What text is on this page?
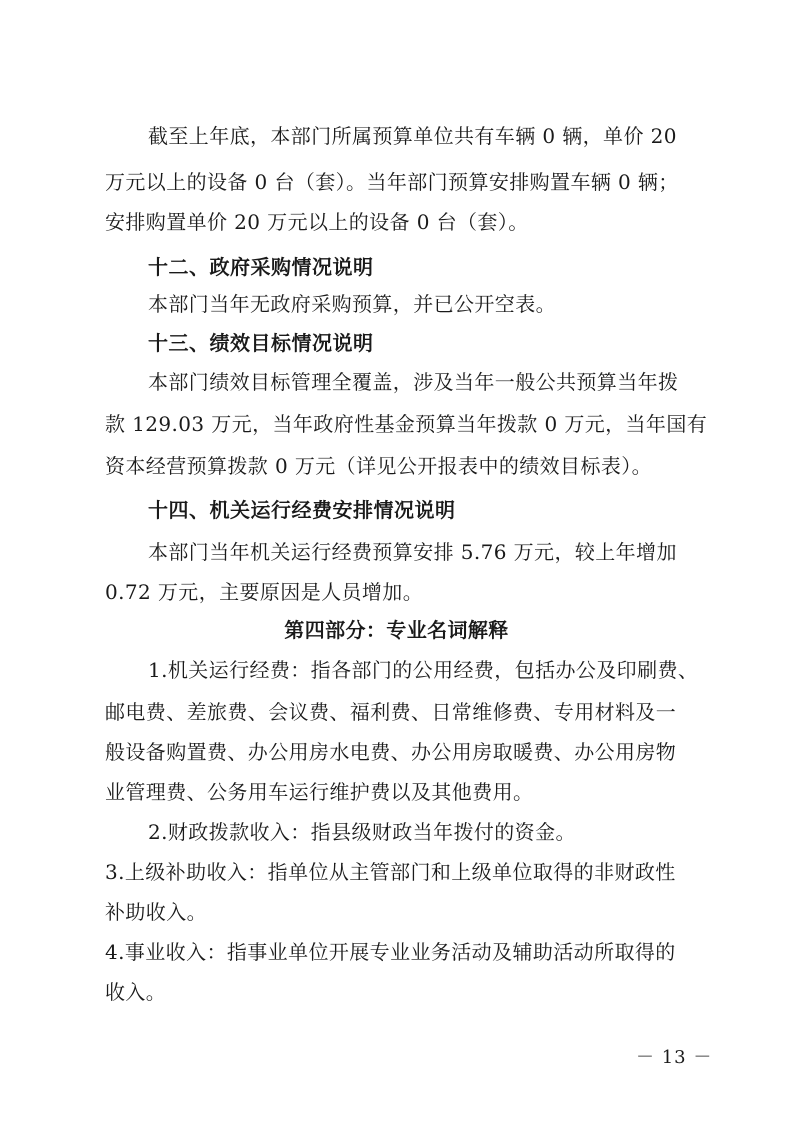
截至上年底，本部门所属预算单位共有车辆 0 辆，单价 20
万元以上的设备 0 台（套）。当年部门预算安排购置车辆 0 辆；
安排购置单价 20 万元以上的设备 0 台（套）。
十二、政府采购情况说明
本部门当年无政府采购预算，并已公开空表。
十三、绩效目标情况说明
本部门绩效目标管理全覆盖，涉及当年一般公共预算当年拨
款 129.03 万元，当年政府性基金预算当年拨款 0 万元，当年国有
资本经营预算拨款 0 万元（详见公开报表中的绩效目标表）。
十四、机关运行经费安排情况说明
本部门当年机关运行经费预算安排 5.76 万元，较上年增加
0.72 万元，主要原因是人员增加。
第四部分：专业名词解释
1.机关运行经费：指各部门的公用经费，包括办公及印刷费、
邮电费、差旅费、会议费、福利费、日常维修费、专用材料及一
般设备购置费、办公用房水电费、办公用房取暖费、办公用房物
业管理费、公务用车运行维护费以及其他费用。
2.财政拨款收入：指县级财政当年拨付的资金。
3.上级补助收入：指单位从主管部门和上级单位取得的非财政性
补助收入。
4.事业收入：指事业单位开展专业业务活动及辅助活动所取得的
收入。
－ 13 －
